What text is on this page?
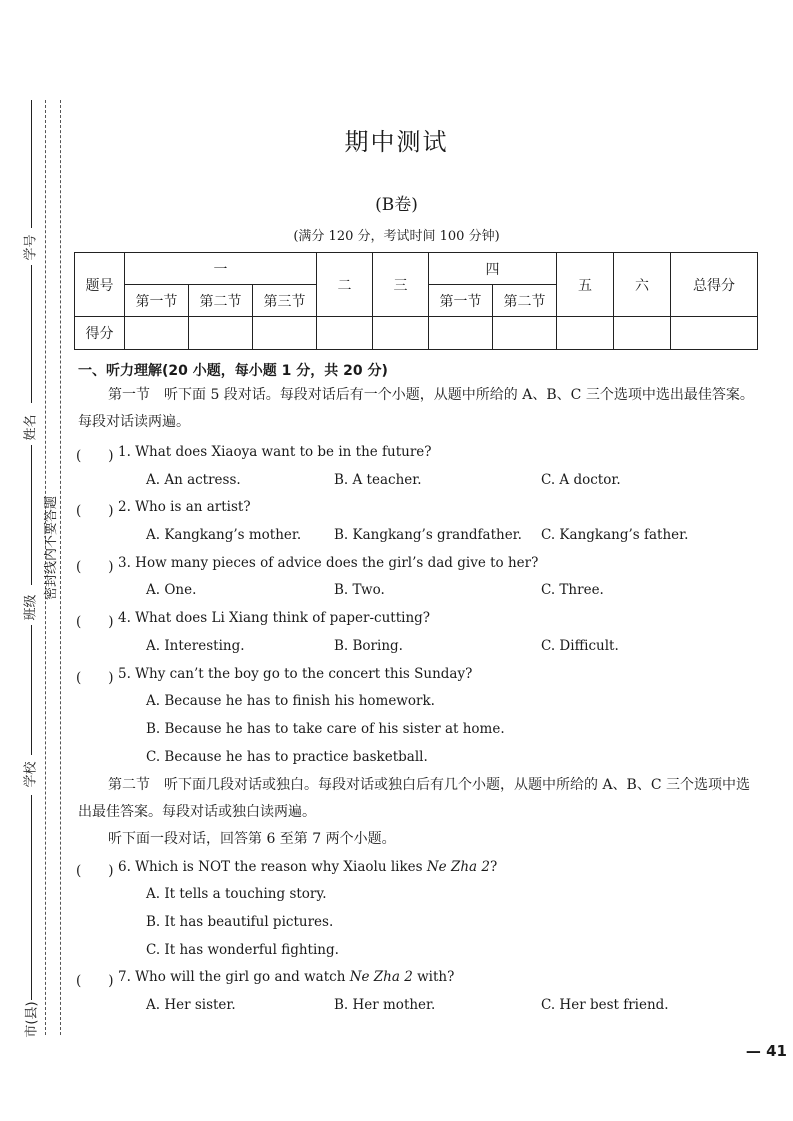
学号
姓名
班级
学校
市(县)
密封线内不要答题
期中测试
(B卷)
(满分 120 分，考试时间 100 分钟)
题号	一			二	三	四		五	六	总得分
	第一节	第二节	第三节			第一节	第二节			
得分										
一、听力理解(20 小题，每小题 1 分，共 20 分)
第一节　听下面 5 段对话。每段对话后有一个小题，从题中所给的 A、B、C 三个选项中选出最佳答案。每段对话读两遍。
(　　) 1. What does Xiaoya want to be in the future?
A. An actress.	B. A teacher.	C. A doctor.
(　　) 2. Who is an artist?
A. Kangkang’s mother. B. Kangkang’s grandfather. C. Kangkang’s father.
(　　) 3. How many pieces of advice does the girl’s dad give to her?
A. One.	B. Two.	C. Three.
(　　) 4. What does Li Xiang think of paper-cutting?
A. Interesting.	B. Boring.	C. Difficult.
(　　) 5. Why can’t the boy go to the concert this Sunday?
A. Because he has to finish his homework.
B. Because he has to take care of his sister at home.
C. Because he has to practice basketball.
第二节　听下面几段对话或独白。每段对话或独白后有几个小题，从题中所给的 A、B、C 三个选项中选出最佳答案。每段对话或独白读两遍。
听下面一段对话，回答第 6 至第 7 两个小题。
(　　) 6. Which is NOT the reason why Xiaolu likes Ne Zha 2?
A. It tells a touching story.
B. It has beautiful pictures.
C. It has wonderful fighting.
(　　) 7. Who will the girl go and watch Ne Zha 2 with?
A. Her sister.	B. Her mother.	C. Her best friend.
— 41
